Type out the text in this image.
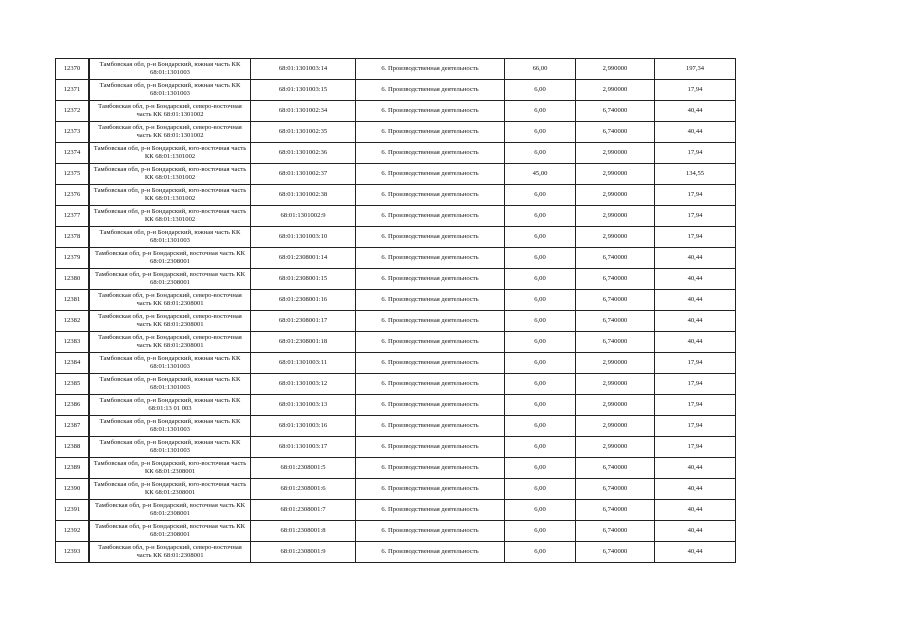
12370		Тамбовская обл, р-н Бондарский, южная часть КК 68:01:1301003	68:01:1301003:14	6. Производственная деятельность	66,00	2,990000	197,34
12371		Тамбовская обл, р-н Бондарский, южная часть КК 68:01:1301003	68:01:1301003:15	6. Производственная деятельность	6,00	2,990000	17,94
12372		Тамбовская обл, р-н Бондарский, северо-восточная часть КК 68:01:1301002	68:01:1301002:34	6. Производственная деятельность	6,00	6,740000	40,44
12373		Тамбовская обл, р-н Бондарский, северо-восточная часть КК 68:01:1301002	68:01:1301002:35	6. Производственная деятельность	6,00	6,740000	40,44
12374		Тамбовская обл, р-н Бондарский, юго-восточная часть КК 68:01:1301002	68:01:1301002:36	6. Производственная деятельность	6,00	2,990000	17,94
12375		Тамбовская обл, р-н Бондарский, юго-восточная часть КК 68:01:1301002	68:01:1301002:37	6. Производственная деятельность	45,00	2,990000	134,55
12376		Тамбовская обл, р-н Бондарский, юго-восточная часть КК 68:01:1301002	68:01:1301002:38	6. Производственная деятельность	6,00	2,990000	17,94
12377		Тамбовская обл, р-н Бондарский, юго-восточная часть КК 68:01:1301002	68:01:1301002:9	6. Производственная деятельность	6,00	2,990000	17,94
12378		Тамбовская обл, р-н Бондарский, южная часть КК 68:01:1301003	68:01:1301003:10	6. Производственная деятельность	6,00	2,990000	17,94
12379		Тамбовская обл, р-н Бондарский, восточная часть КК 68:01:2308001	68:01:2308001:14	6. Производственная деятельность	6,00	6,740000	40,44
12380		Тамбовская обл, р-н Бондарский, восточная часть КК 68:01:2308001	68:01:2308001:15	6. Производственная деятельность	6,00	6,740000	40,44
12381		Тамбовская обл, р-н Бондарский, северо-восточная часть КК 68:01:2308001	68:01:2308001:16	6. Производственная деятельность	6,00	6,740000	40,44
12382		Тамбовская обл, р-н Бондарский, северо-восточная часть КК 68:01:2308001	68:01:2308001:17	6. Производственная деятельность	6,00	6,740000	40,44
12383		Тамбовская обл, р-н Бондарский, северо-восточная часть КК 68:01:2308001	68:01:2308001:18	6. Производственная деятельность	6,00	6,740000	40,44
12384		Тамбовская обл, р-н Бондарский, южная часть КК 68:01:1301003	68:01:1301003:11	6. Производственная деятельность	6,00	2,990000	17,94
12385		Тамбовская обл, р-н Бондарский, южная часть КК 68:01:1301003	68:01:1301003:12	6. Производственная деятельность	6,00	2,990000	17,94
12386		Тамбовская обл, р-н Бондарский, южная часть КК 68:01:13 01 003	68:01:1301003:13	6. Производственная деятельность	6,00	2,990000	17,94
12387		Тамбовская обл, р-н Бондарский, южная часть КК 68:01:1301003	68:01:1301003:16	6. Производственная деятельность	6,00	2,990000	17,94
12388		Тамбовская обл, р-н Бондарский, южная часть КК 68:01:1301003	68:01:1301003:17	6. Производственная деятельность	6,00	2,990000	17,94
12389		Тамбовская обл, р-н Бондарский, юго-восточная часть КК 68:01:2308001	68:01:2308001:5	6. Производственная деятельность	6,00	6,740000	40,44
12390		Тамбовская обл, р-н Бондарский, юго-восточная часть КК 68:01:2308001	68:01:2308001:6	6. Производственная деятельность	6,00	6,740000	40,44
12391		Тамбовская обл, р-н Бондарский, восточная часть КК 68:01:2308001	68:01:2308001:7	6. Производственная деятельность	6,00	6,740000	40,44
12392		Тамбовская обл, р-н Бондарский, восточная часть КК 68:01:2308001	68:01:2308001:8	6. Производственная деятельность	6,00	6,740000	40,44
12393		Тамбовская обл, р-н Бондарский, северо-восточная часть КК 68:01:2308001	68:01:2308001:9	6. Производственная деятельность	6,00	6,740000	40,44
